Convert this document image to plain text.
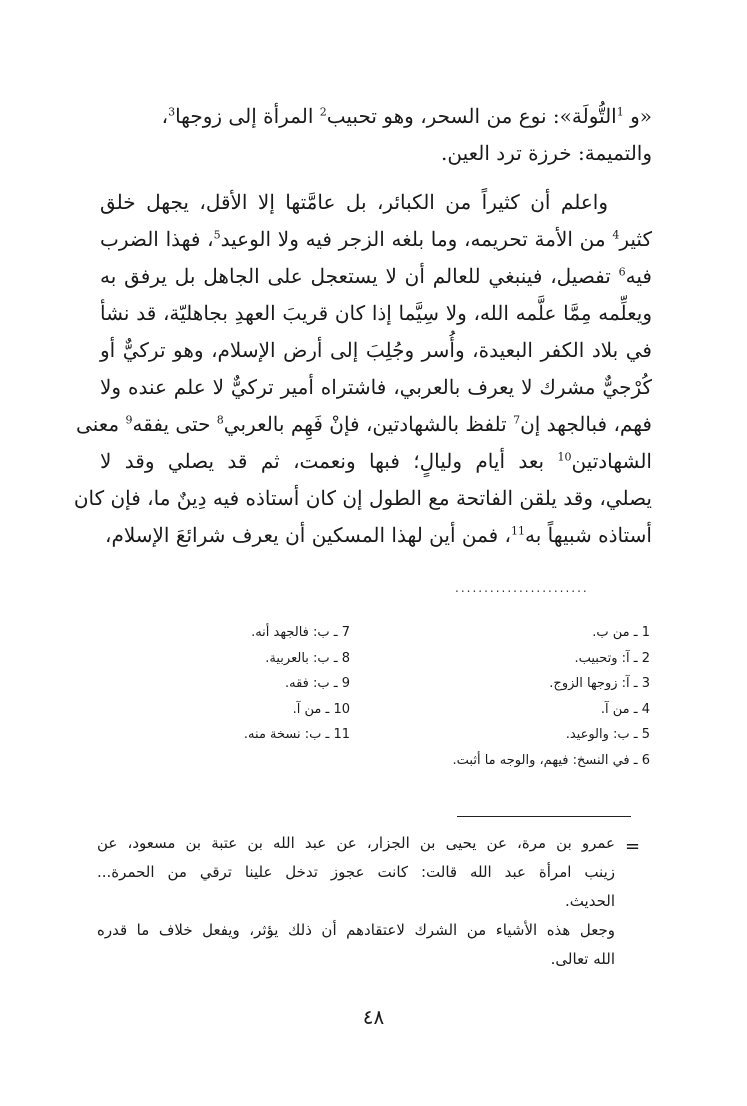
«و $^1$التُّولَة»: نوع من السحر، وهو تحبيب$^2$ المرأة إلى زوجها$^3$،
والتميمة: خرزة ترد العين.
واعلم أن كثيراً من الكبائر، بل عامَّتها إلا الأقل، يجهل خلق
كثير$^4$ من الأمة تحريمه، وما بلغه الزجر فيه ولا الوعيد$^5$، فهذا الضرب
فيه$^6$ تفصيل، فينبغي للعالم أن لا يستعجل على الجاهل بل يرفق به
ويعلِّمه مِمَّا علَّمه الله، ولا سِيَّما إذا كان قريبَ العهدِ بجاهليّة، قد نشأ
في بلاد الكفر البعيدة، وأُسر وجُلِبَ إلى أرض الإسلام، وهو تركيٌّ أو
كُرْجيٌّ مشرك لا يعرف بالعربي، فاشتراه أمير تركيٌّ لا علم عنده ولا
فهم، فبالجهد إن$^7$ تلفظ بالشهادتين، فإنْ فَهِم بالعربي$^8$ حتى يفقه$^9$ معنى
الشهادتين$^{10}$ بعد أيام وليالٍ؛ فبها ونعمت، ثم قد يصلي وقد لا
يصلي، وقد يلقن الفاتحة مع الطول إن كان أستاذه فيه دِينٌ ما، فإن كان
أستاذه شبيهاً به$^{11}$، فمن أين لهذا المسكين أن يعرف شرائعَ الإسلام،
.......................
1 ـ من ب.
2 ـ آ: وتحبيب.
3 ـ آ: زوجها الزوج.
4 ـ من آ.
5 ـ ب: والوعيد.
6 ـ في النسخ: فيهم، والوجه ما أثبت.
7 ـ ب: فالجهد أنه.
8 ـ ب: بالعربية.
9 ـ ب: فقه.
10 ـ من آ.
11 ـ ب: نسخة منه.
=
عمرو بن مرة، عن يحيى بن الجزار، عن عبد الله بن عتبة بن مسعود، عن
زينب امرأة عبد الله قالت: كانت عجوز تدخل علينا ترقي من الحمرة...
الحديث.
وجعل هذه الأشياء من الشرك لاعتقادهم أن ذلك يؤثر، ويفعل خلاف ما قدره
الله تعالى.
٤٨
